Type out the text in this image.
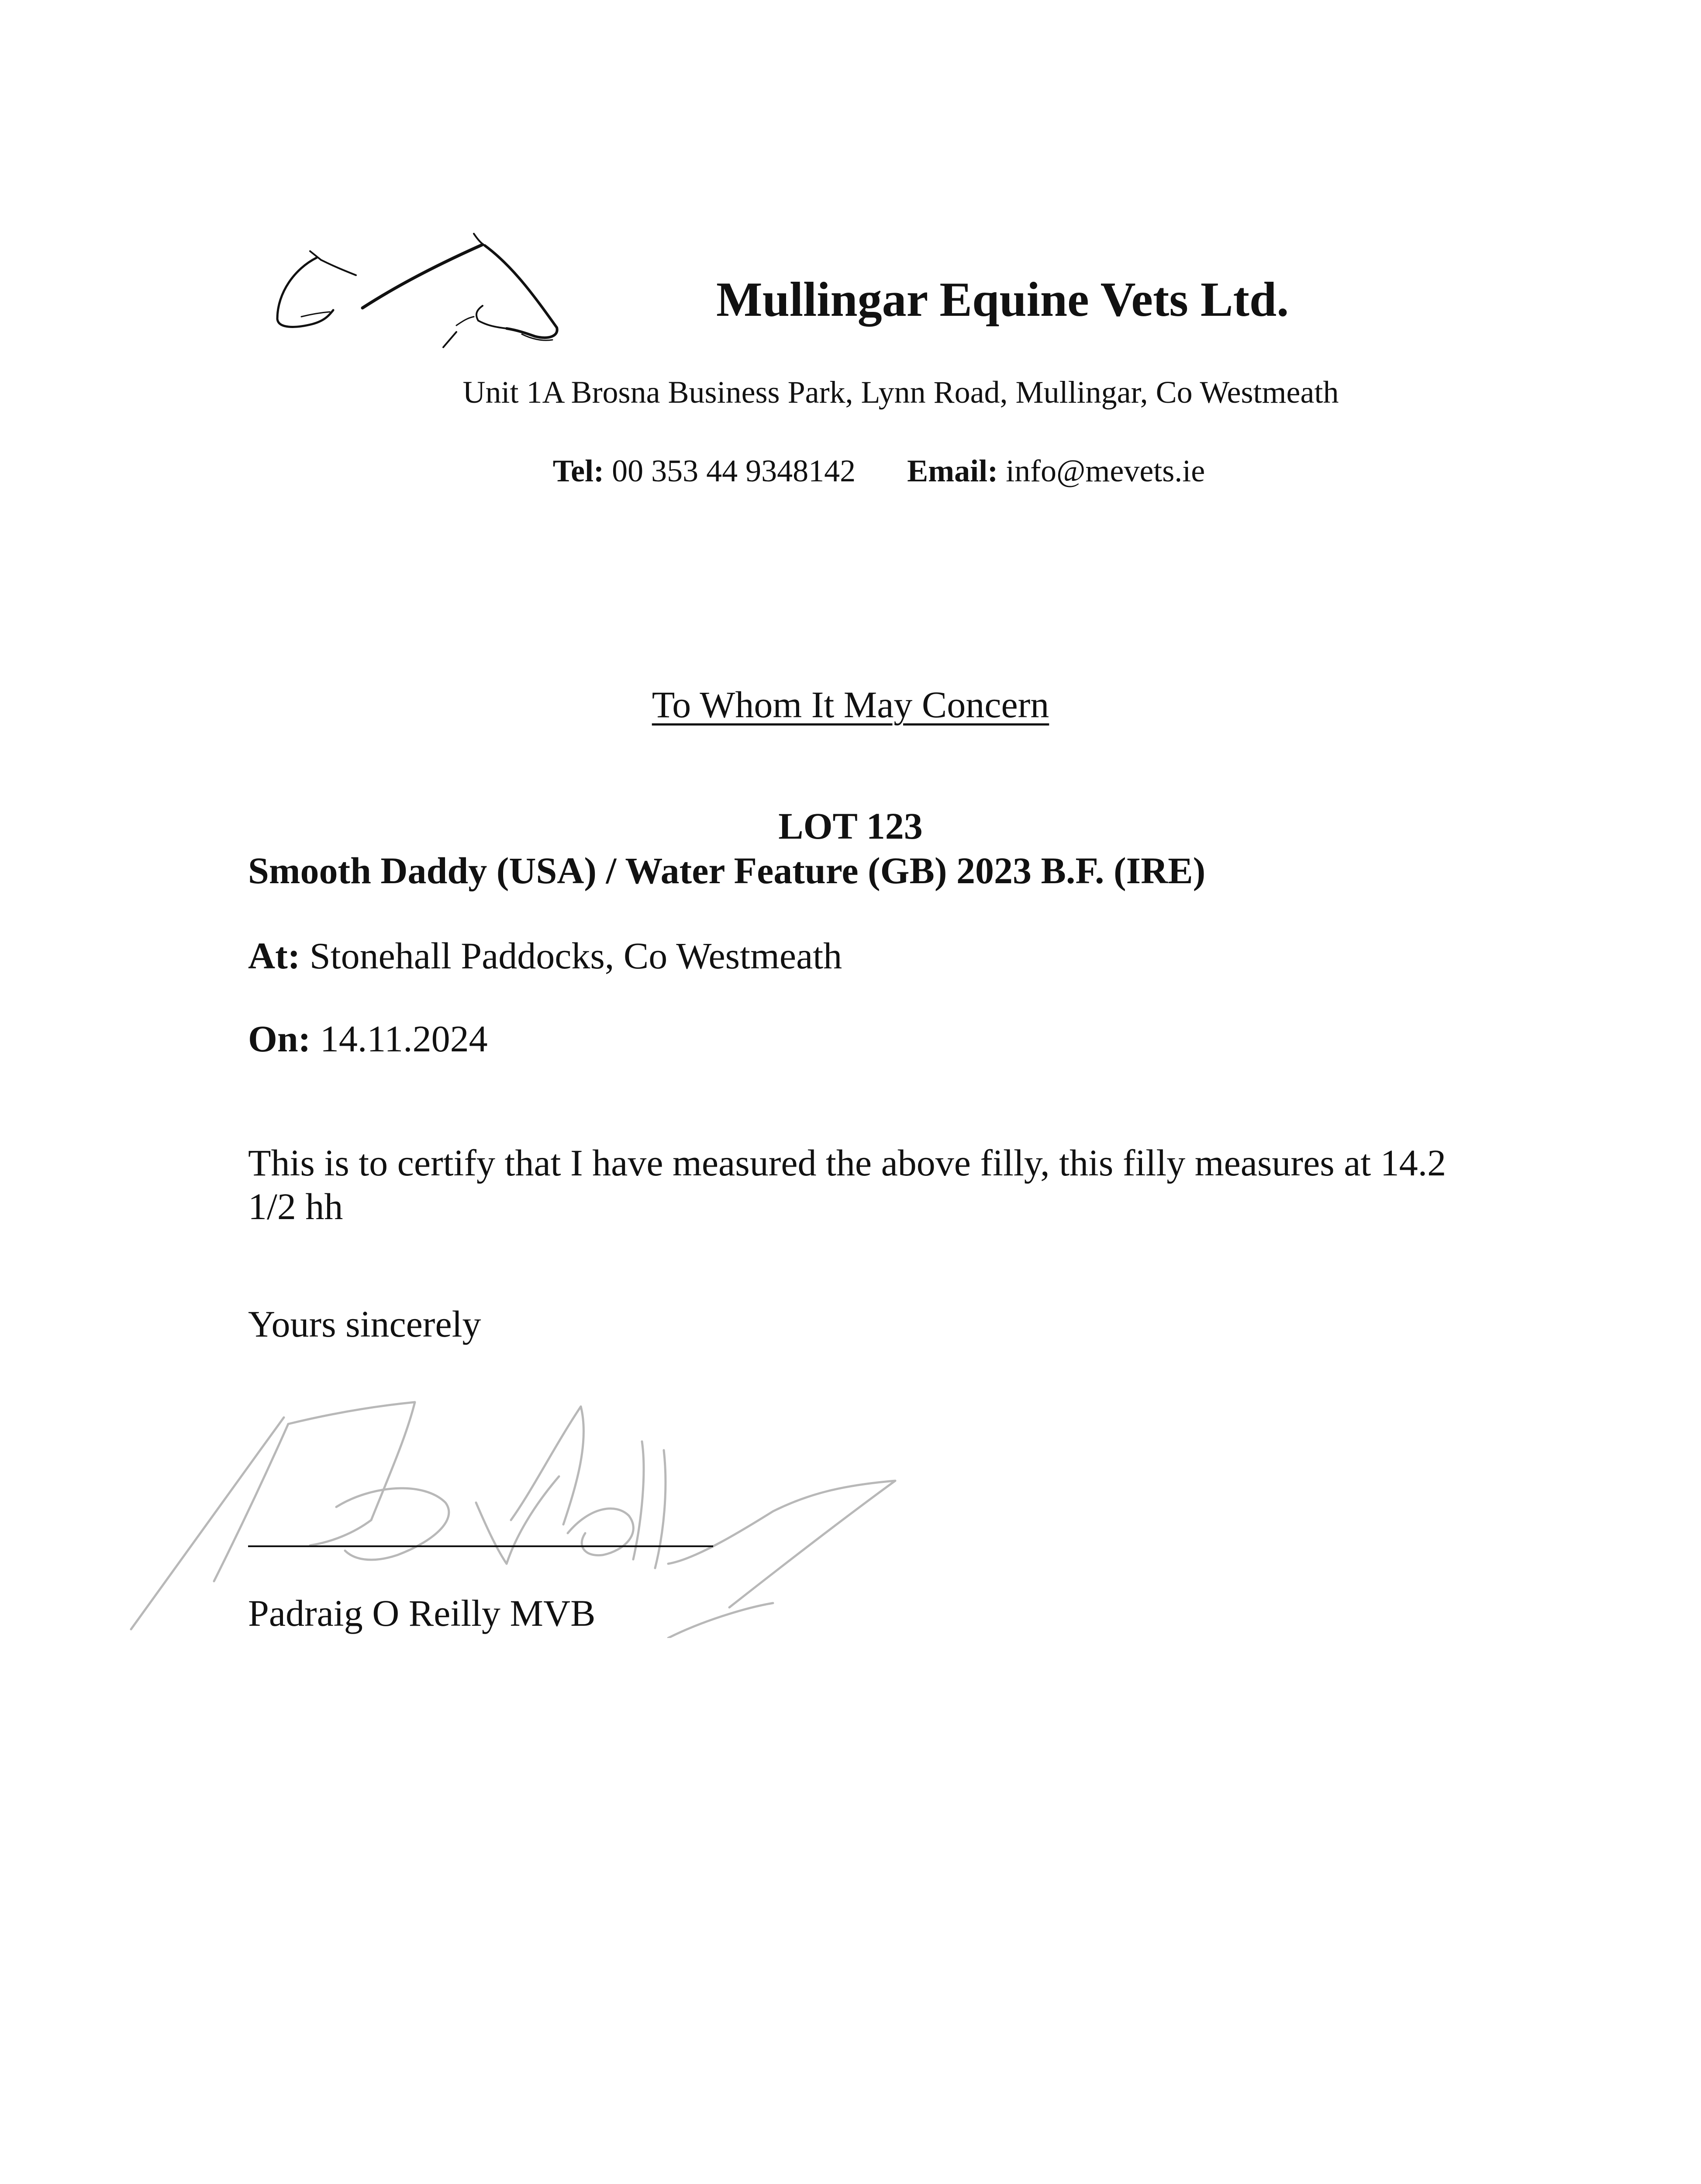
Mullingar Equine Vets Ltd.
Unit 1A Brosna Business Park, Lynn Road, Mullingar, Co Westmeath
Tel: 00 353 44 9348142 Email: info@mevets.ie
To Whom It May Concern
LOT 123
Smooth Daddy (USA) / Water Feature (GB) 2023 B.F. (IRE)
At: Stonehall Paddocks, Co Westmeath
On: 14.11.2024
This is to certify that I have measured the above filly, this filly measures at 14.2 1/2 hh
Yours sincerely
Padraig O Reilly MVB
